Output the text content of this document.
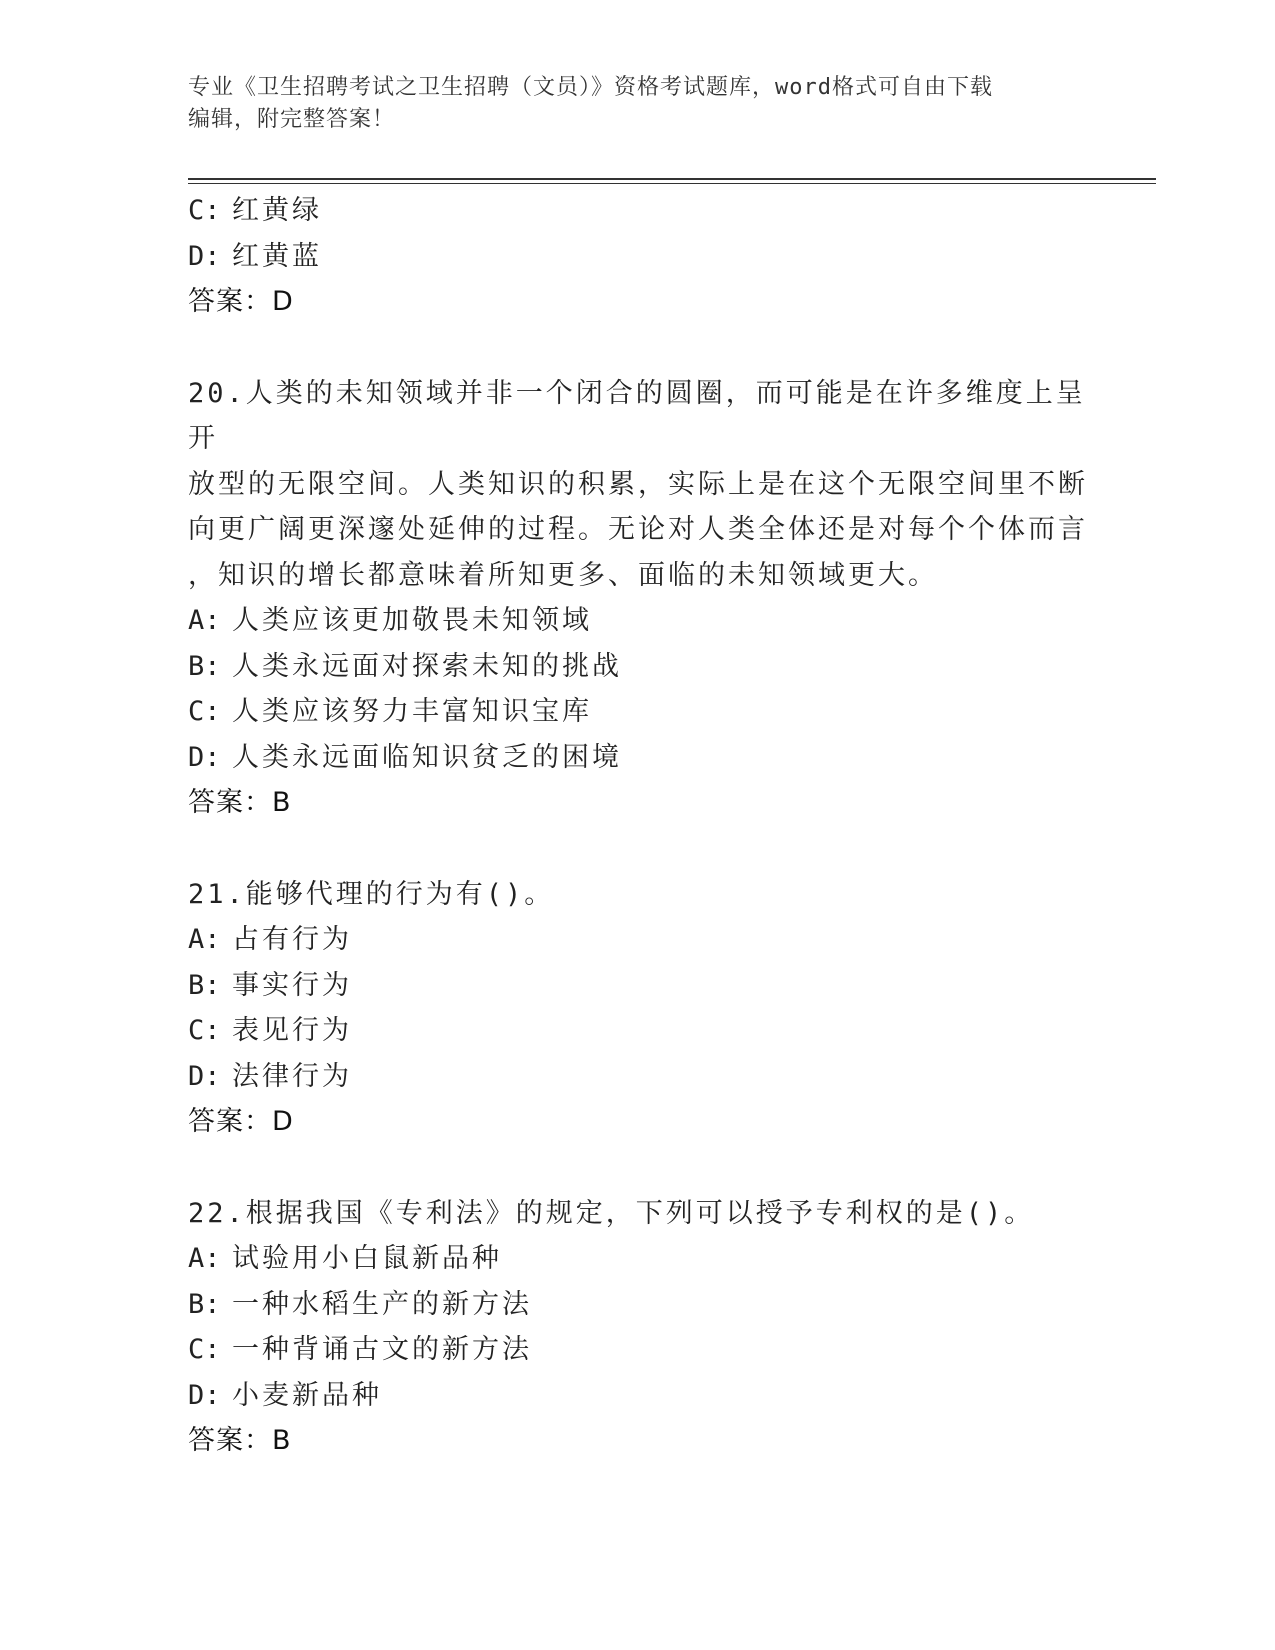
专业《卫生招聘考试之卫生招聘（文员）》资格考试题库，word格式可自由下载
编辑，附完整答案！
C: 红黄绿
D: 红黄蓝
答案：D
20.人类的未知领域并非一个闭合的圆圈，而可能是在许多维度上呈开
放型的无限空间。人类知识的积累，实际上是在这个无限空间里不断
向更广阔更深邃处延伸的过程。无论对人类全体还是对每个个体而言
，知识的增长都意味着所知更多、面临的未知领域更大。
A: 人类应该更加敬畏未知领域
B: 人类永远面对探索未知的挑战
C: 人类应该努力丰富知识宝库
D: 人类永远面临知识贫乏的困境
答案：B
21.能够代理的行为有()。
A: 占有行为
B: 事实行为
C: 表见行为
D: 法律行为
答案：D
22.根据我国《专利法》的规定，下列可以授予专利权的是()。
A: 试验用小白鼠新品种
B: 一种水稻生产的新方法
C: 一种背诵古文的新方法
D: 小麦新品种
答案：B
